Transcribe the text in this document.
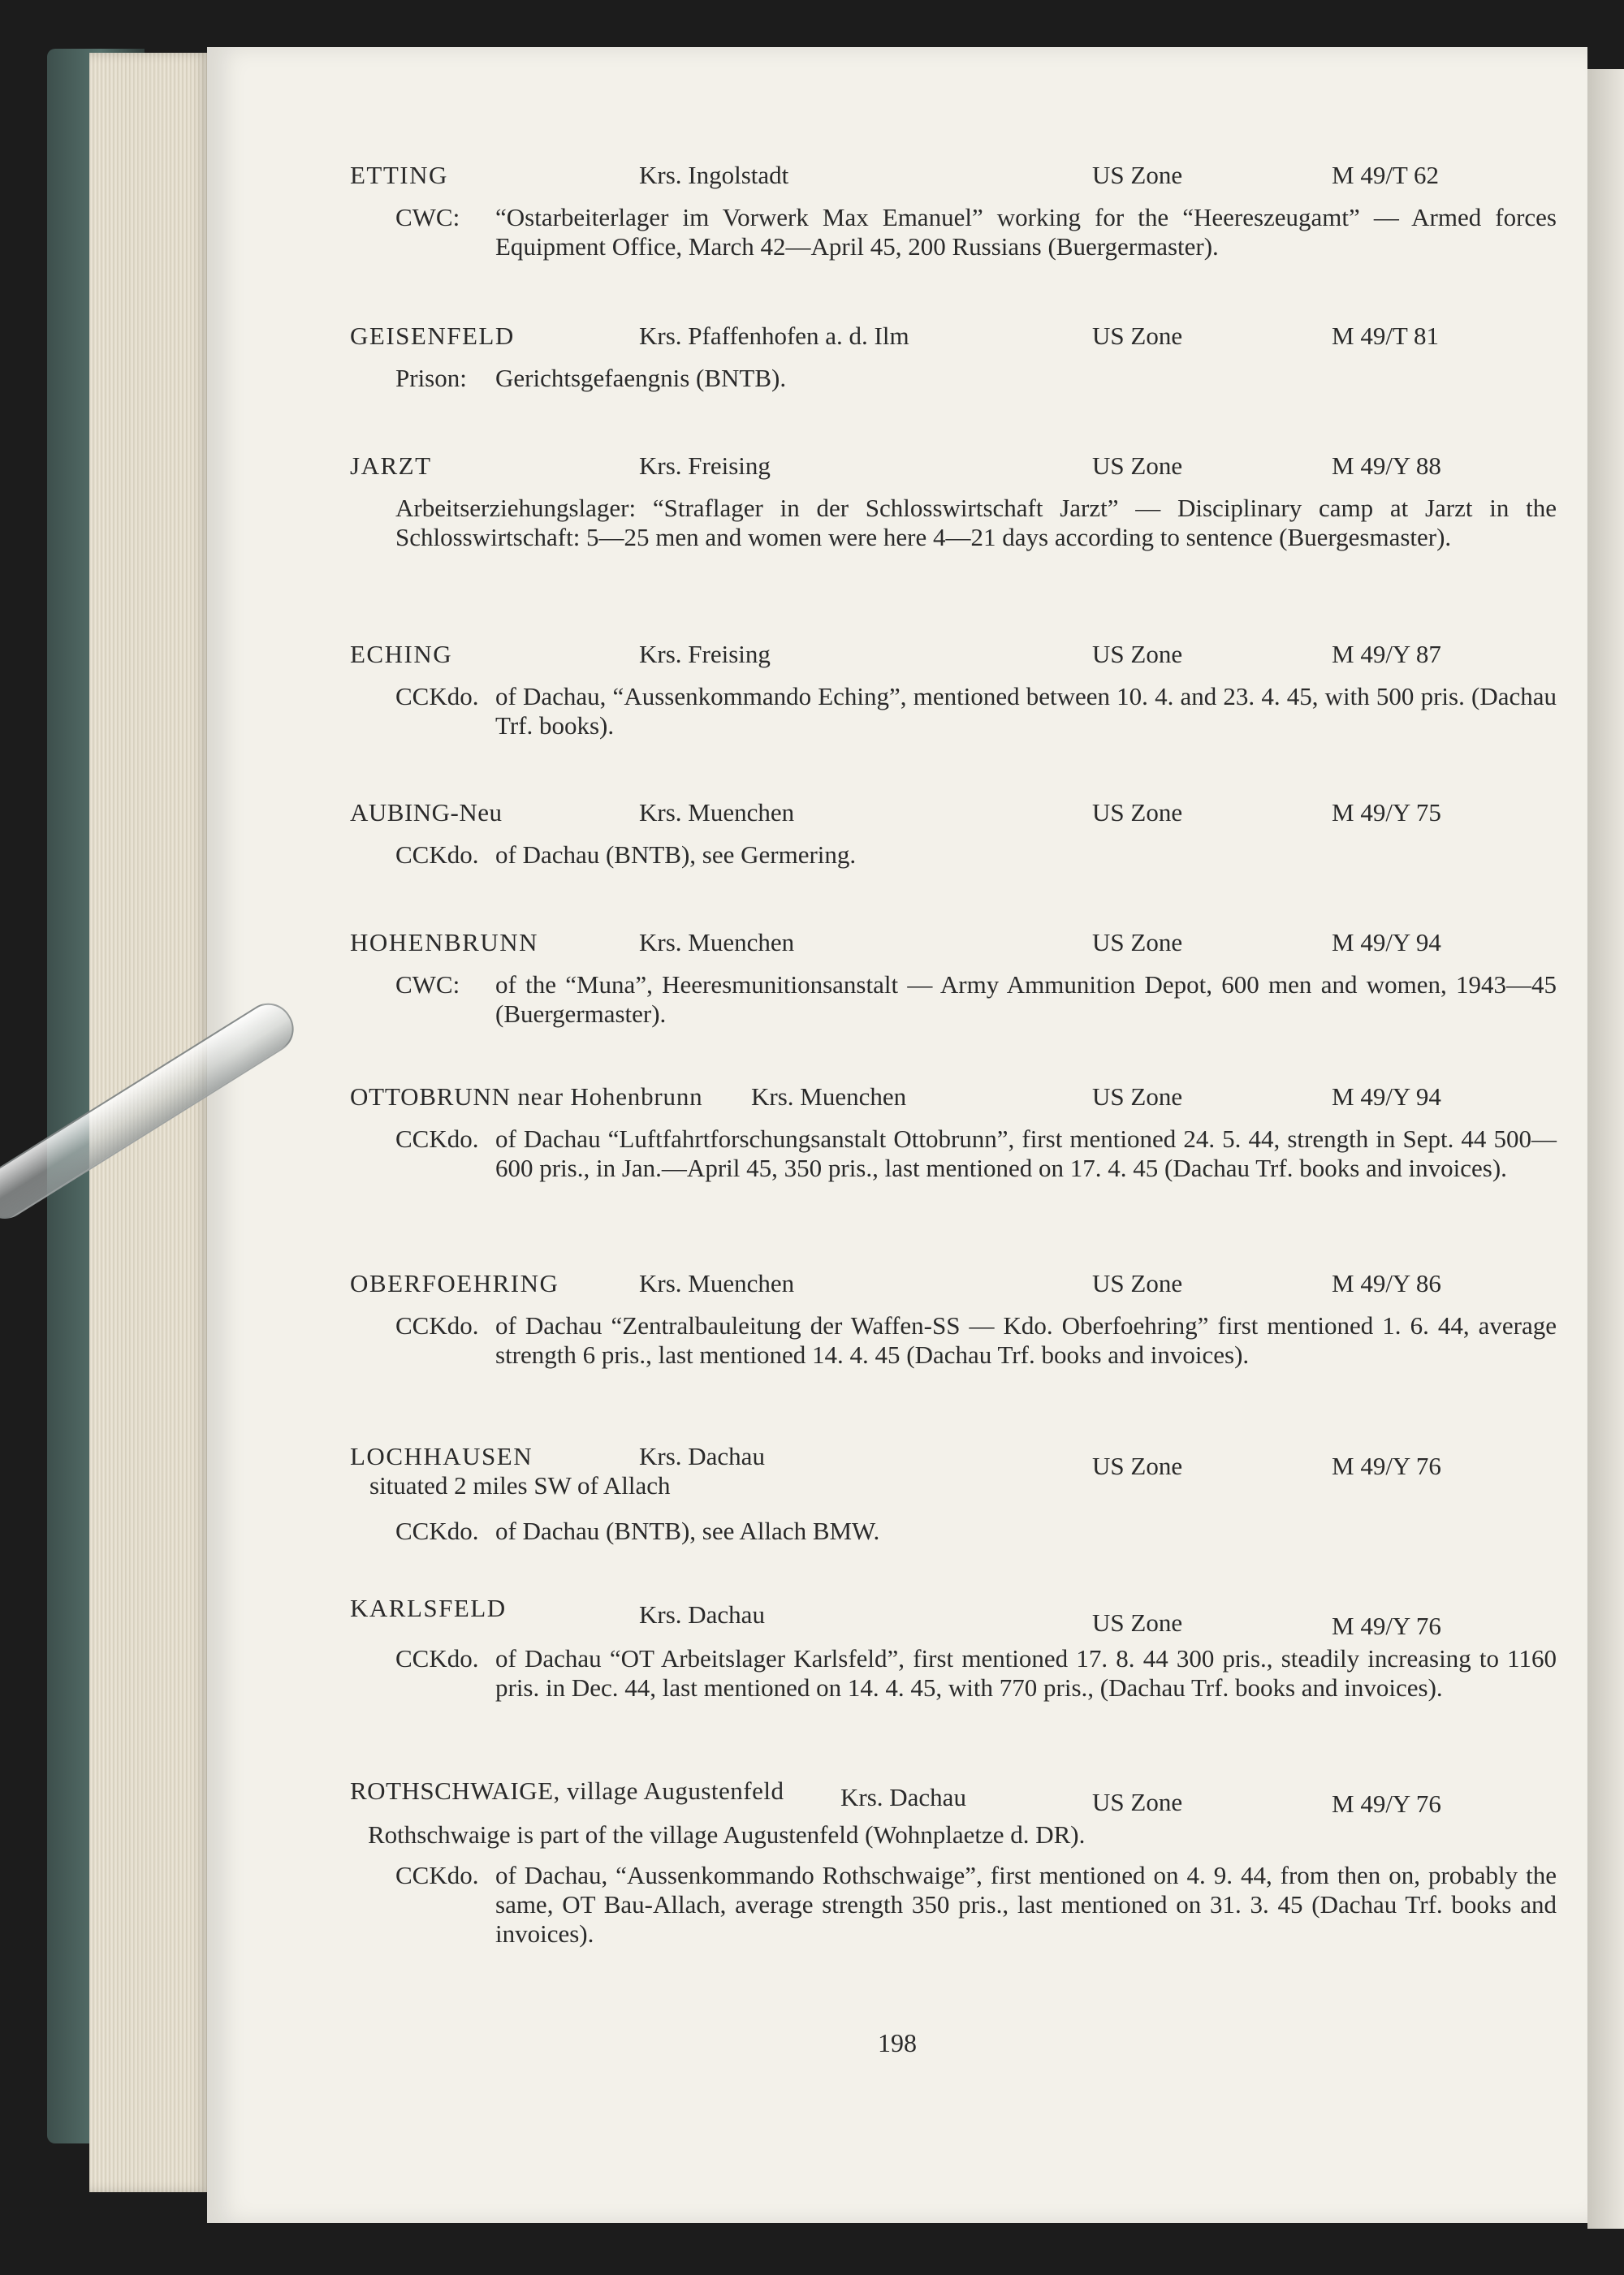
ETTING	Krs. Ingolstadt	US Zone	M 49/T 62
CWC: “Ostarbeiterlager im Vorwerk Max Emanuel” working for the “Heereszeugamt” — Armed forces Equipment Office, March 42—April 45, 200 Russians (Buergermaster).
GEISENFELD	Krs. Pfaffenhofen a. d. Ilm	US Zone	M 49/T 81
Prison: Gerichtsgefaengnis (BNTB).
JARZT	Krs. Freising	US Zone	M 49/Y 88
Arbeitserziehungslager: “Straflager in der Schlosswirtschaft Jarzt” — Disciplinary camp at Jarzt in the Schlosswirtschaft: 5—25 men and women were here 4—21 days according to sentence (Buergesmaster).
ECHING	Krs. Freising	US Zone	M 49/Y 87
CCKdo. of Dachau, “Aussenkommando Eching”, mentioned between 10. 4. and 23. 4. 45, with 500 pris. (Dachau Trf. books).
AUBING-Neu	Krs. Muenchen	US Zone	M 49/Y 75
CCKdo. of Dachau (BNTB), see Germering.
HOHENBRUNN	Krs. Muenchen	US Zone	M 49/Y 94
CWC: of the “Muna”, Heeresmunitionsanstalt — Army Ammunition Depot, 600 men and women, 1943—45 (Buergermaster).
OTTOBRUNN near Hohenbrunn Krs. Muenchen	US Zone	M 49/Y 94
CCKdo. of Dachau “Luftfahrtforschungsanstalt Ottobrunn”, first mentioned 24. 5. 44, strength in Sept. 44 500—600 pris., in Jan.—April 45, 350 pris., last mentioned on 17. 4. 45 (Dachau Trf. books and invoices).
OBERFOEHRING	Krs. Muenchen	US Zone	M 49/Y 86
CCKdo. of Dachau “Zentralbauleitung der Waffen-SS — Kdo. Oberfoehring” first mentioned 1. 6. 44, average strength 6 pris., last mentioned 14. 4. 45 (Dachau Trf. books and invoices).
LOCHHAUSEN	Krs. Dachau	US Zone	M 49/Y 76
situated 2 miles SW of Allach
CCKdo. of Dachau (BNTB), see Allach BMW.
KARLSFELD	Krs. Dachau	US Zone	M 49/Y 76
CCKdo. of Dachau “OT Arbeitslager Karlsfeld”, first mentioned 17. 8. 44 300 pris., steadily increasing to 1160 pris. in Dec. 44, last mentioned on 14. 4. 45, with 770 pris., (Dachau Trf. books and invoices).
ROTHSCHWAIGE, village Augustenfeld Krs. Dachau	US Zone	M 49/Y 76
Rothschwaige is part of the village Augustenfeld (Wohnplaetze d. DR).
CCKdo. of Dachau, “Aussenkommando Rothschwaige”, first mentioned on 4. 9. 44, from then on, probably the same, OT Bau-Allach, average strength 350 pris., last mentioned on 31. 3. 45 (Dachau Trf. books and invoices).
198
